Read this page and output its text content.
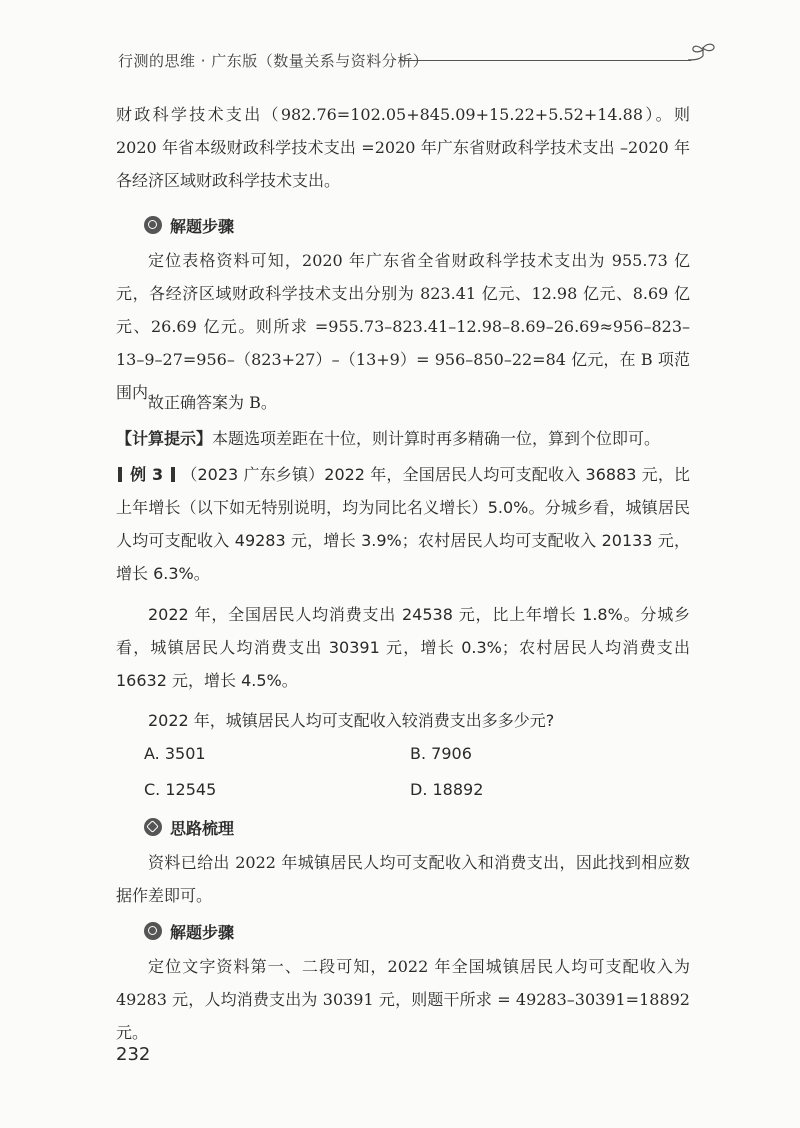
行测的思维 · 广东版（数量关系与资料分析）

财政科学技术支出（982.76=102.05+845.09+15.22+5.52+14.88）。则 2020 年省本级财政科学技术支出 =2020 年广东省财政科学技术支出 –2020 年各经济区域财政科学技术支出。

解题步骤

定位表格资料可知，2020 年广东省全省财政科学技术支出为 955.73 亿元，各经济区域财政科学技术支出分别为 823.41 亿元、12.98 亿元、8.69 亿元、26.69 亿元。则所求 =955.73–823.41–12.98–8.69–26.69≈956–823–13–9–27=956–（823+27）–（13+9）= 956–850–22=84 亿元，在 B 项范围内。

故正确答案为 B。

【计算提示】本题选项差距在十位，则计算时再多精确一位，算到个位即可。

例 3 （2023 广东乡镇）2022 年，全国居民人均可支配收入 36883 元，比上年增长（以下如无特别说明，均为同比名义增长）5.0%。分城乡看，城镇居民人均可支配收入 49283 元，增长 3.9%；农村居民人均可支配收入 20133 元，增长 6.3%。

2022 年，全国居民人均消费支出 24538 元，比上年增长 1.8%。分城乡看，城镇居民人均消费支出 30391 元，增长 0.3%；农村居民人均消费支出 16632 元，增长 4.5%。

2022 年，城镇居民人均可支配收入较消费支出多多少元?

A. 3501	B. 7906
C. 12545	D. 18892
思路梳理

资料已给出 2022 年城镇居民人均可支配收入和消费支出，因此找到相应数据作差即可。

解题步骤

定位文字资料第一、二段可知，2022 年全国城镇居民人均可支配收入为 49283 元，人均消费支出为 30391 元，则题干所求 = 49283–30391=18892 元。

232
